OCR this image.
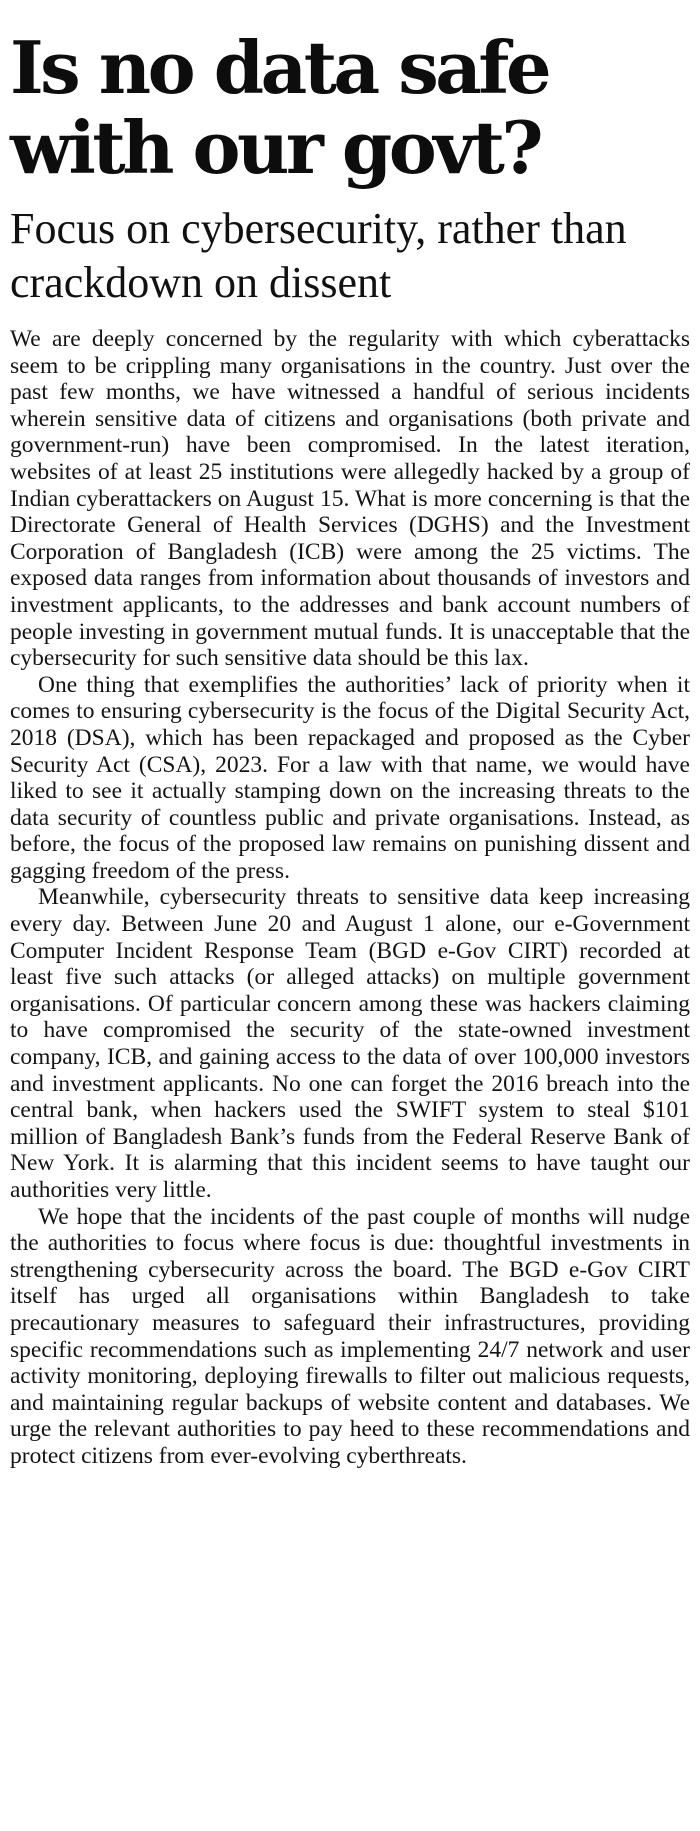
Is no data safe with our govt?
Focus on cybersecurity, rather than crackdown on dissent

We are deeply concerned by the regularity with which cyberattacks seem to be crippling many organisations in the country. Just over the past few months, we have witnessed a handful of serious incidents wherein sensitive data of citizens and organisations (both private and government-run) have been compromised. In the latest iteration, websites of at least 25 institutions were allegedly hacked by a group of Indian cyberattackers on August 15. What is more concerning is that the Directorate General of Health Services (DGHS) and the Investment Corporation of Bangladesh (ICB) were among the 25 victims. The exposed data ranges from information about thousands of investors and investment applicants, to the addresses and bank account numbers of people investing in government mutual funds. It is unacceptable that the cybersecurity for such sensitive data should be this lax.

One thing that exemplifies the authorities’ lack of priority when it comes to ensuring cybersecurity is the focus of the Digital Security Act, 2018 (DSA), which has been repackaged and proposed as the Cyber Security Act (CSA), 2023. For a law with that name, we would have liked to see it actually stamping down on the increasing threats to the data security of countless public and private organisations. Instead, as before, the focus of the proposed law remains on punishing dissent and gagging freedom of the press.

Meanwhile, cybersecurity threats to sensitive data keep increasing every day. Between June 20 and August 1 alone, our e-Government Computer Incident Response Team (BGD e-Gov CIRT) recorded at least five such attacks (or alleged attacks) on multiple government organisations. Of particular concern among these was hackers claiming to have compromised the security of the state-owned investment company, ICB, and gaining access to the data of over 100,000 investors and investment applicants. No one can forget the 2016 breach into the central bank, when hackers used the SWIFT system to steal $101 million of Bangladesh Bank’s funds from the Federal Reserve Bank of New York. It is alarming that this incident seems to have taught our authorities very little.

We hope that the incidents of the past couple of months will nudge the authorities to focus where focus is due: thoughtful investments in strengthening cybersecurity across the board. The BGD e-Gov CIRT itself has urged all organisations within Bangladesh to take precautionary measures to safeguard their infrastructures, providing specific recommendations such as implementing 24/7 network and user activity monitoring, deploying firewalls to filter out malicious requests, and maintaining regular backups of website content and databases. We urge the relevant authorities to pay heed to these recommendations and protect citizens from ever-evolving cyberthreats.
